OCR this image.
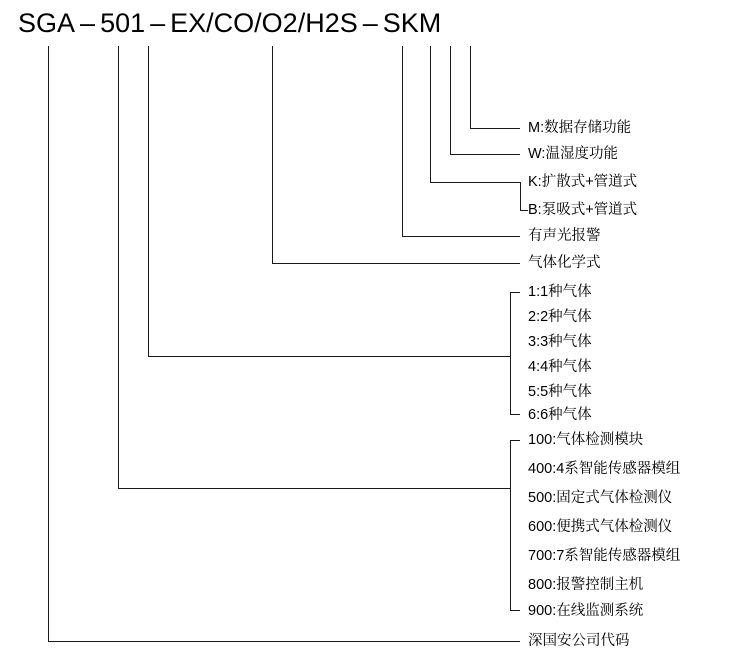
SGA – 501 – EX/CO/O2/H2S – SKM
M:数据存储功能
W:温湿度功能
K:扩散式+管道式
B:泵吸式+管道式
有声光报警
气体化学式
1:1种气体
2:2种气体
3:3种气体
4:4种气体
5:5种气体
6:6种气体
100:气体检测模块
400:4系智能传感器模组
500:固定式气体检测仪
600:便携式气体检测仪
700:7系智能传感器模组
800:报警控制主机
900:在线监测系统
深国安公司代码
